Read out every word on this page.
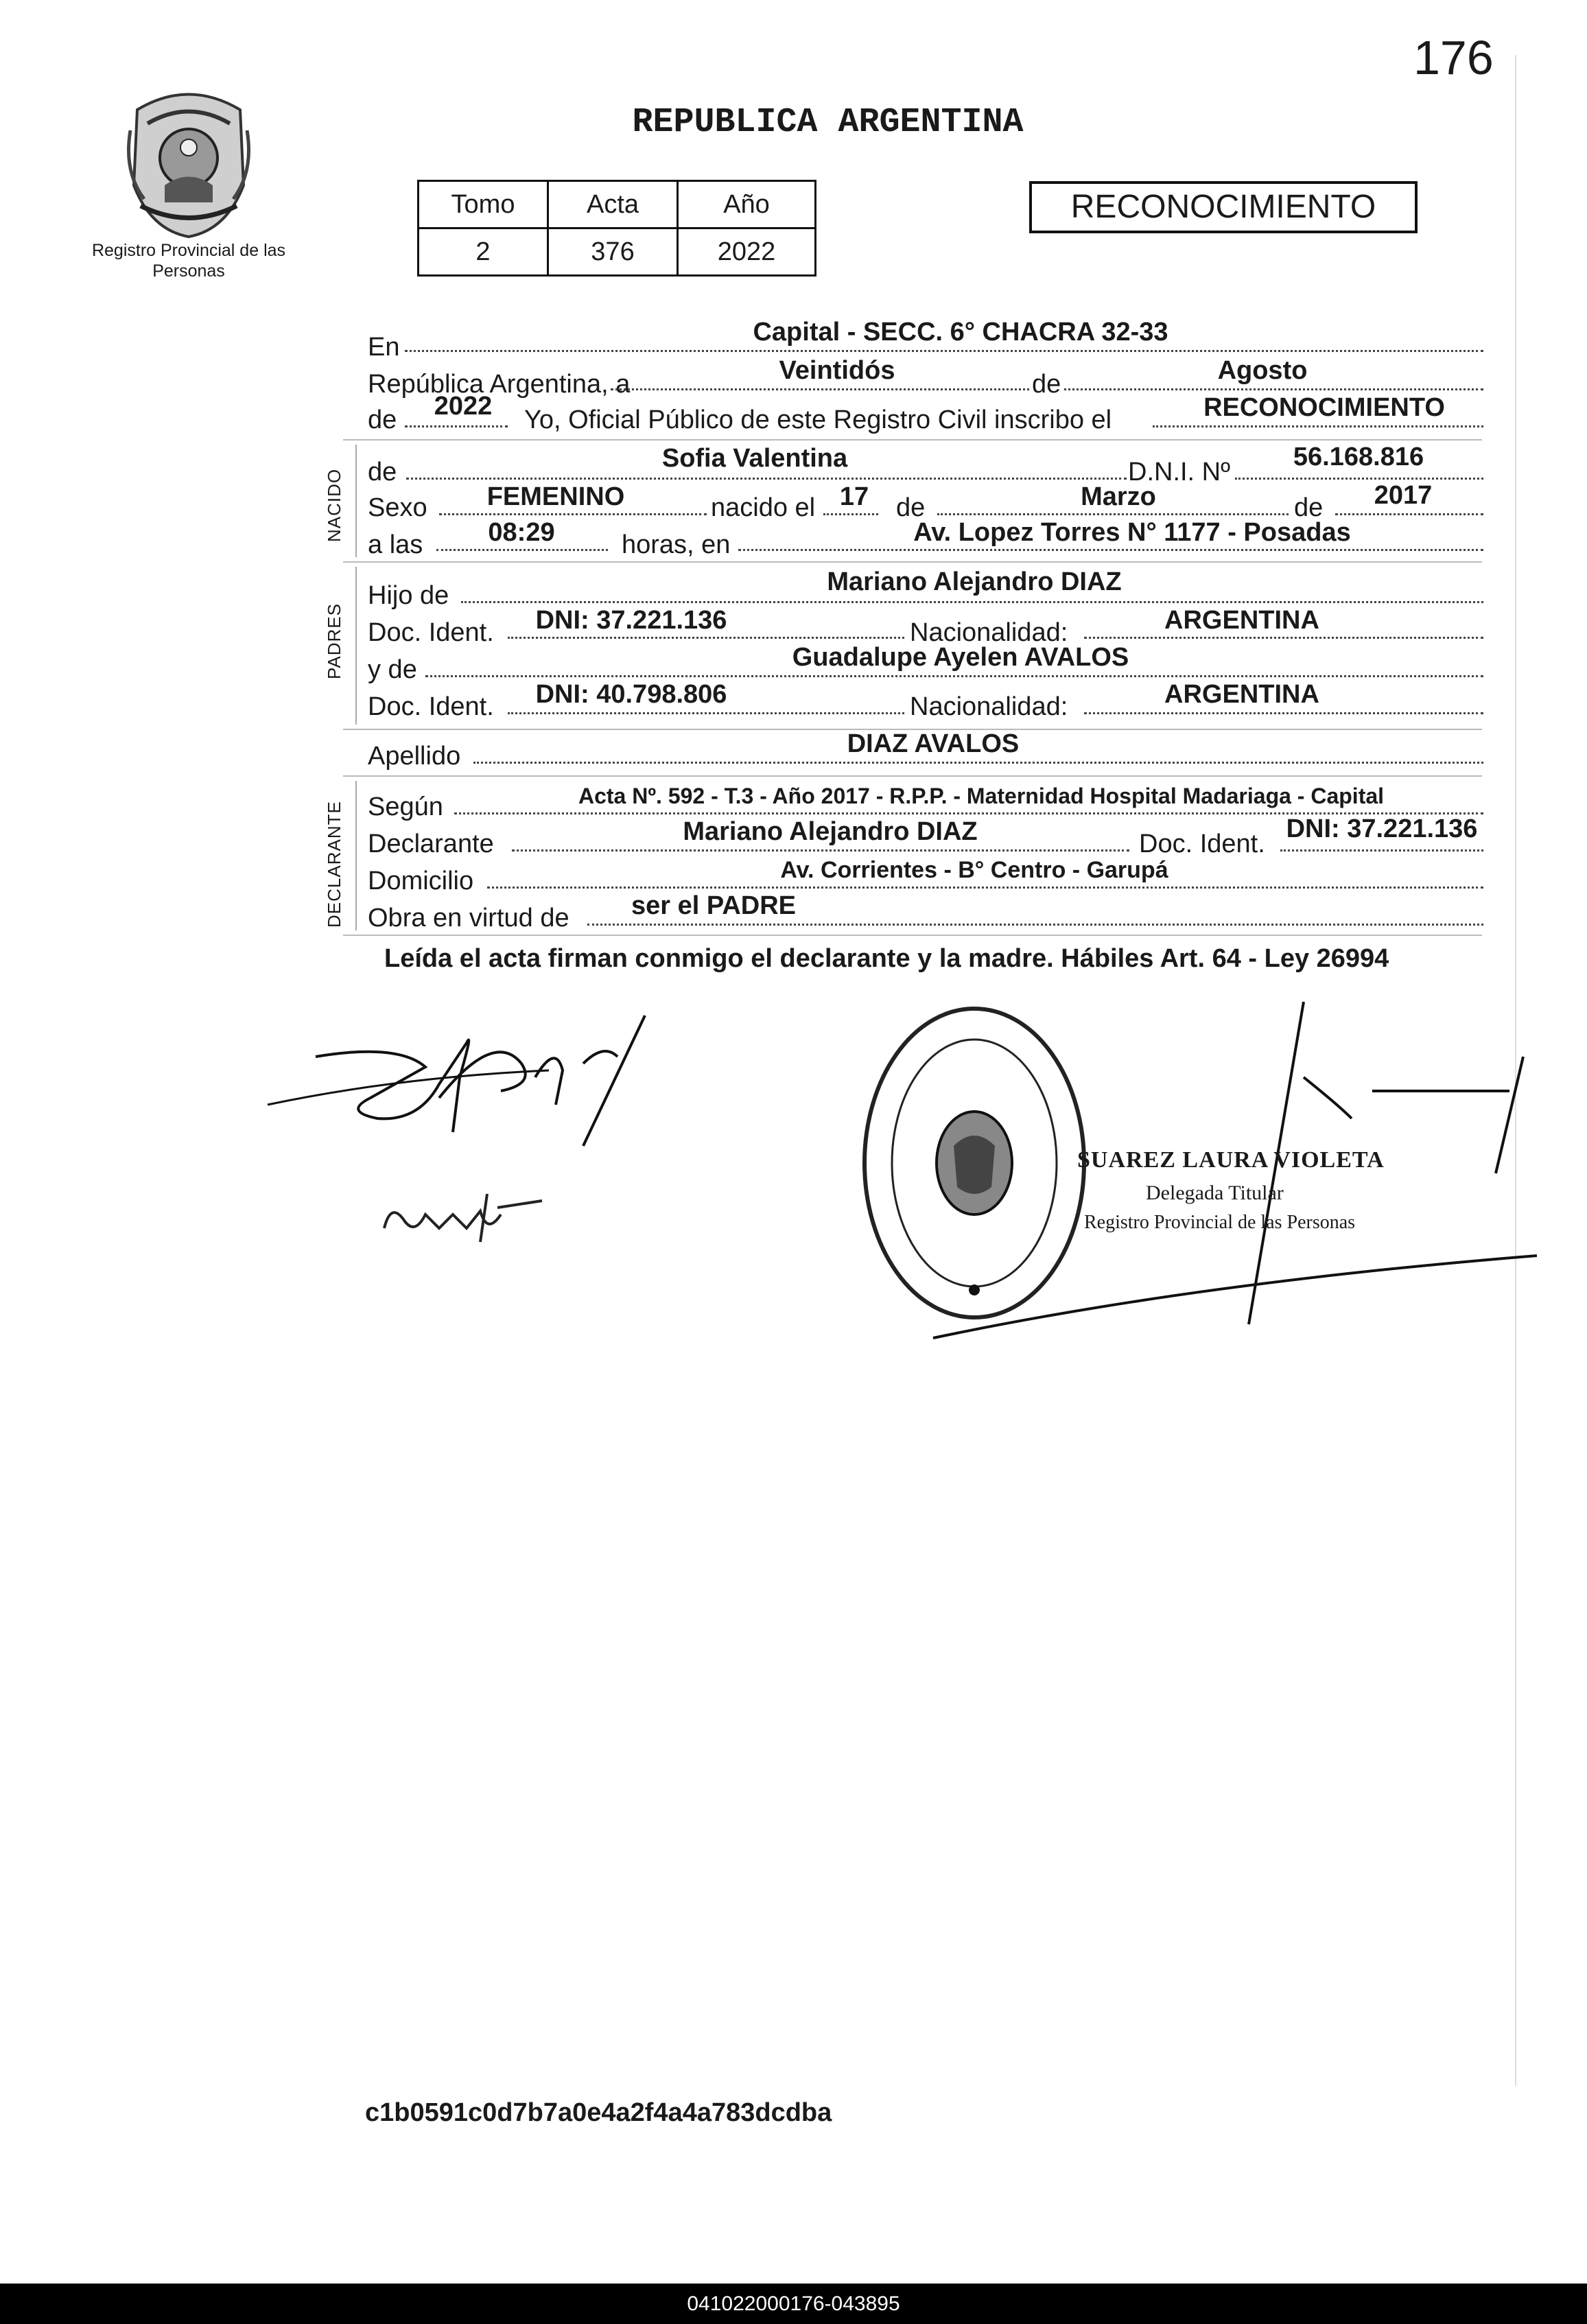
176
Registro Provincial de las Personas
REPUBLICA ARGENTINA
Tomo	Acta	Año
2	376	2022
RECONOCIMIENTO
En
Capital - SECC. 6° CHACRA 32-33
República Argentina, a	Veintidós	de	Agosto
de	2022	Yo, Oficial Público de este Registro Civil inscribo el	RECONOCIMIENTO
NACIDO
PADRES
DECLARANTE
de	Sofia Valentina	D.N.I. Nº
56.168.816
Sexo	FEMENINO	nacido el 17	de	Marzo	de	2017
a las	08:29	horas, en	Av. Lopez Torres N° 1177 - Posadas
Hijo de	Mariano Alejandro DIAZ
Doc. Ident.	DNI: 37.221.136	Nacionalidad:	ARGENTINA
y de	Guadalupe Ayelen AVALOS
Doc. Ident.	DNI: 40.798.806	Nacionalidad:	ARGENTINA
Apellido	DIAZ AVALOS
Según	Acta Nº. 592 - T.3 - Año 2017 - R.P.P. - Maternidad Hospital Madariaga - Capital
Declarante	Mariano Alejandro DIAZ	Doc. Ident.
DNI: 37.221.136
Domicilio	Av. Corrientes - B° Centro - Garupá
Obra en virtud de	ser el PADRE
Leída el acta firman conmigo el declarante y la madre. Hábiles Art. 64 - Ley 26994
SUAREZ LAURA VIOLETA
Delegada Titular
Registro Provincial de las Personas
c1b0591c0d7b7a0e4a2f4a4a783dcdba
041022000176-043895
